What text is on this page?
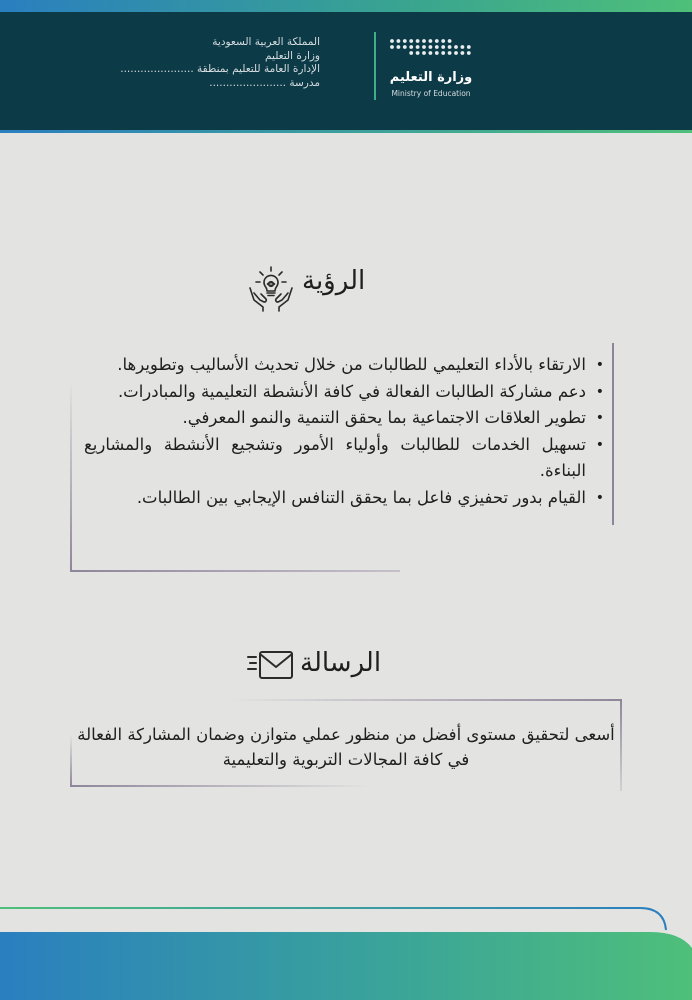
المملكة العربية السعودية
وزارة التعليم
الإدارة العامة للتعليم بمنطقة ......................
مدرسة .......................	وزارة التعليم
Ministry of Education
الرؤية
•
الارتقاء بالأداء التعليمي للطالبات من خلال تحديث الأساليب وتطويرها.
•
دعم مشاركة الطالبات الفعالة في كافة الأنشطة التعليمية والمبادرات.
•
تطوير العلاقات الاجتماعية بما يحقق التنمية والنمو المعرفي.
•
تسهيل الخدمات للطالبات وأولياء الأمور وتشجيع الأنشطة والمشاريع البناءة.
•
القيام بدور تحفيزي فاعل بما يحقق التنافس الإيجابي بين الطالبات.
الرسالة
أسعى لتحقيق مستوى أفضل من منظور عملي متوازن وضمان المشاركة الفعالة في كافة المجالات التربوية والتعليمية
